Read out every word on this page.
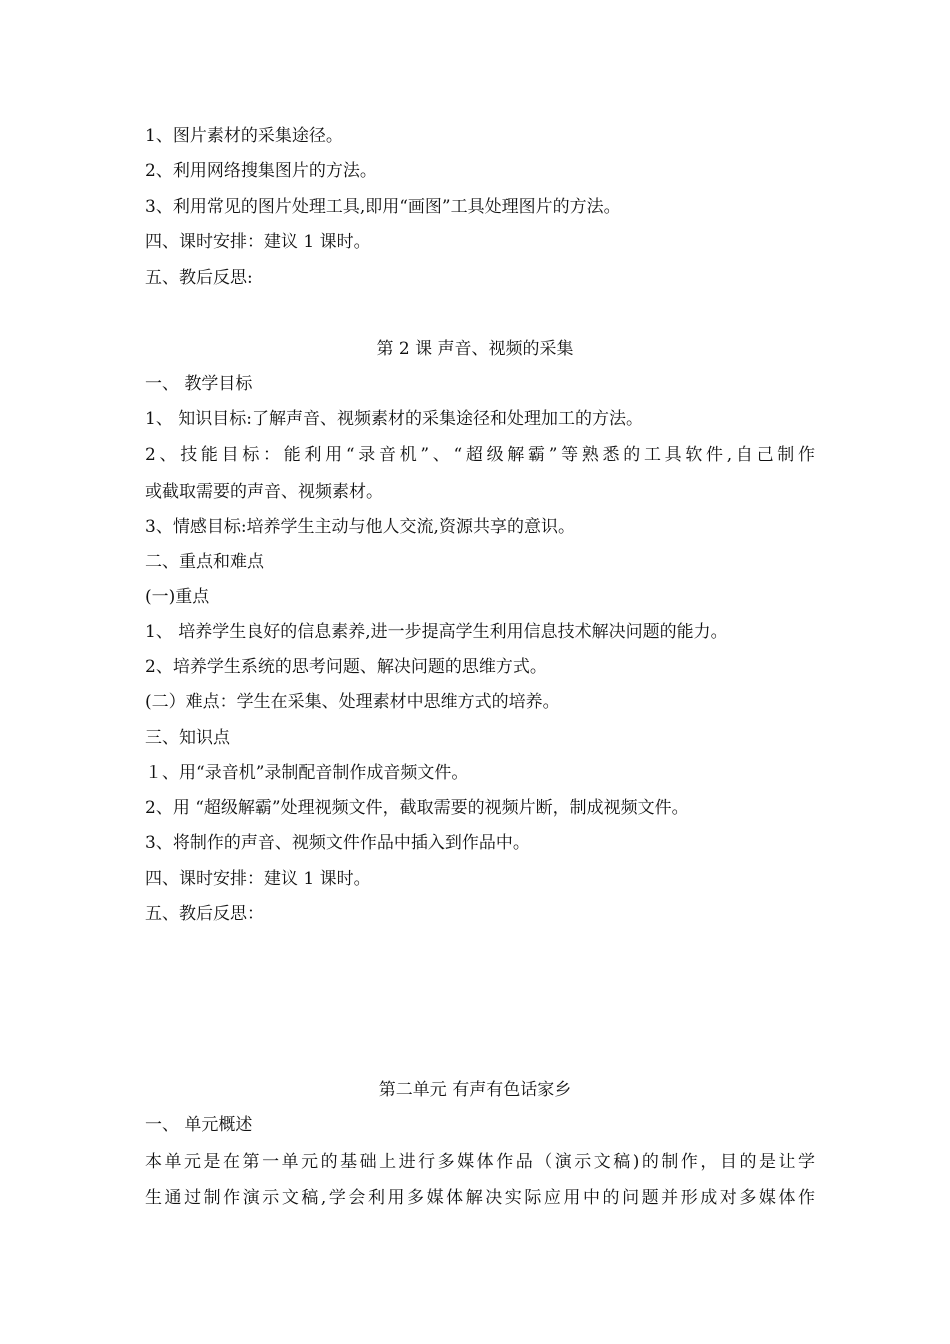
1、图片素材的采集途径。
2、利用网络搜集图片的方法。
3、利用常见的图片处理工具,即用“画图”工具处理图片的方法。
四、课时安排：建议 1 课时。
五、教后反思:
第 2 课 声音、视频的采集
一、 教学目标
1、 知识目标:了解声音、视频素材的采集途径和处理加工的方法。
2、技能目标：能利用“录音机”、“超级解霸”等熟悉的工具软件,自己制作
或截取需要的声音、视频素材。
3、情感目标:培养学生主动与他人交流,资源共享的意识。
二、重点和难点
(一)重点
1、 培养学生良好的信息素养,进一步提高学生利用信息技术解决问题的能力。
2、培养学生系统的思考问题、解决问题的思维方式。
(二）难点：学生在采集、处理素材中思维方式的培养。
三、知识点
１、用“录音机”录制配音制作成音频文件。
2、用 “超级解霸”处理视频文件，截取需要的视频片断，制成视频文件。
3、将制作的声音、视频文件作品中插入到作品中。
四、课时安排：建议 1 课时。
五、教后反思：
第二单元 有声有色话家乡
一、 单元概述
本单元是在第一单元的基础上进行多媒体作品（演示文稿)的制作，目的是让学
生通过制作演示文稿,学会利用多媒体解决实际应用中的问题并形成对多媒体作
